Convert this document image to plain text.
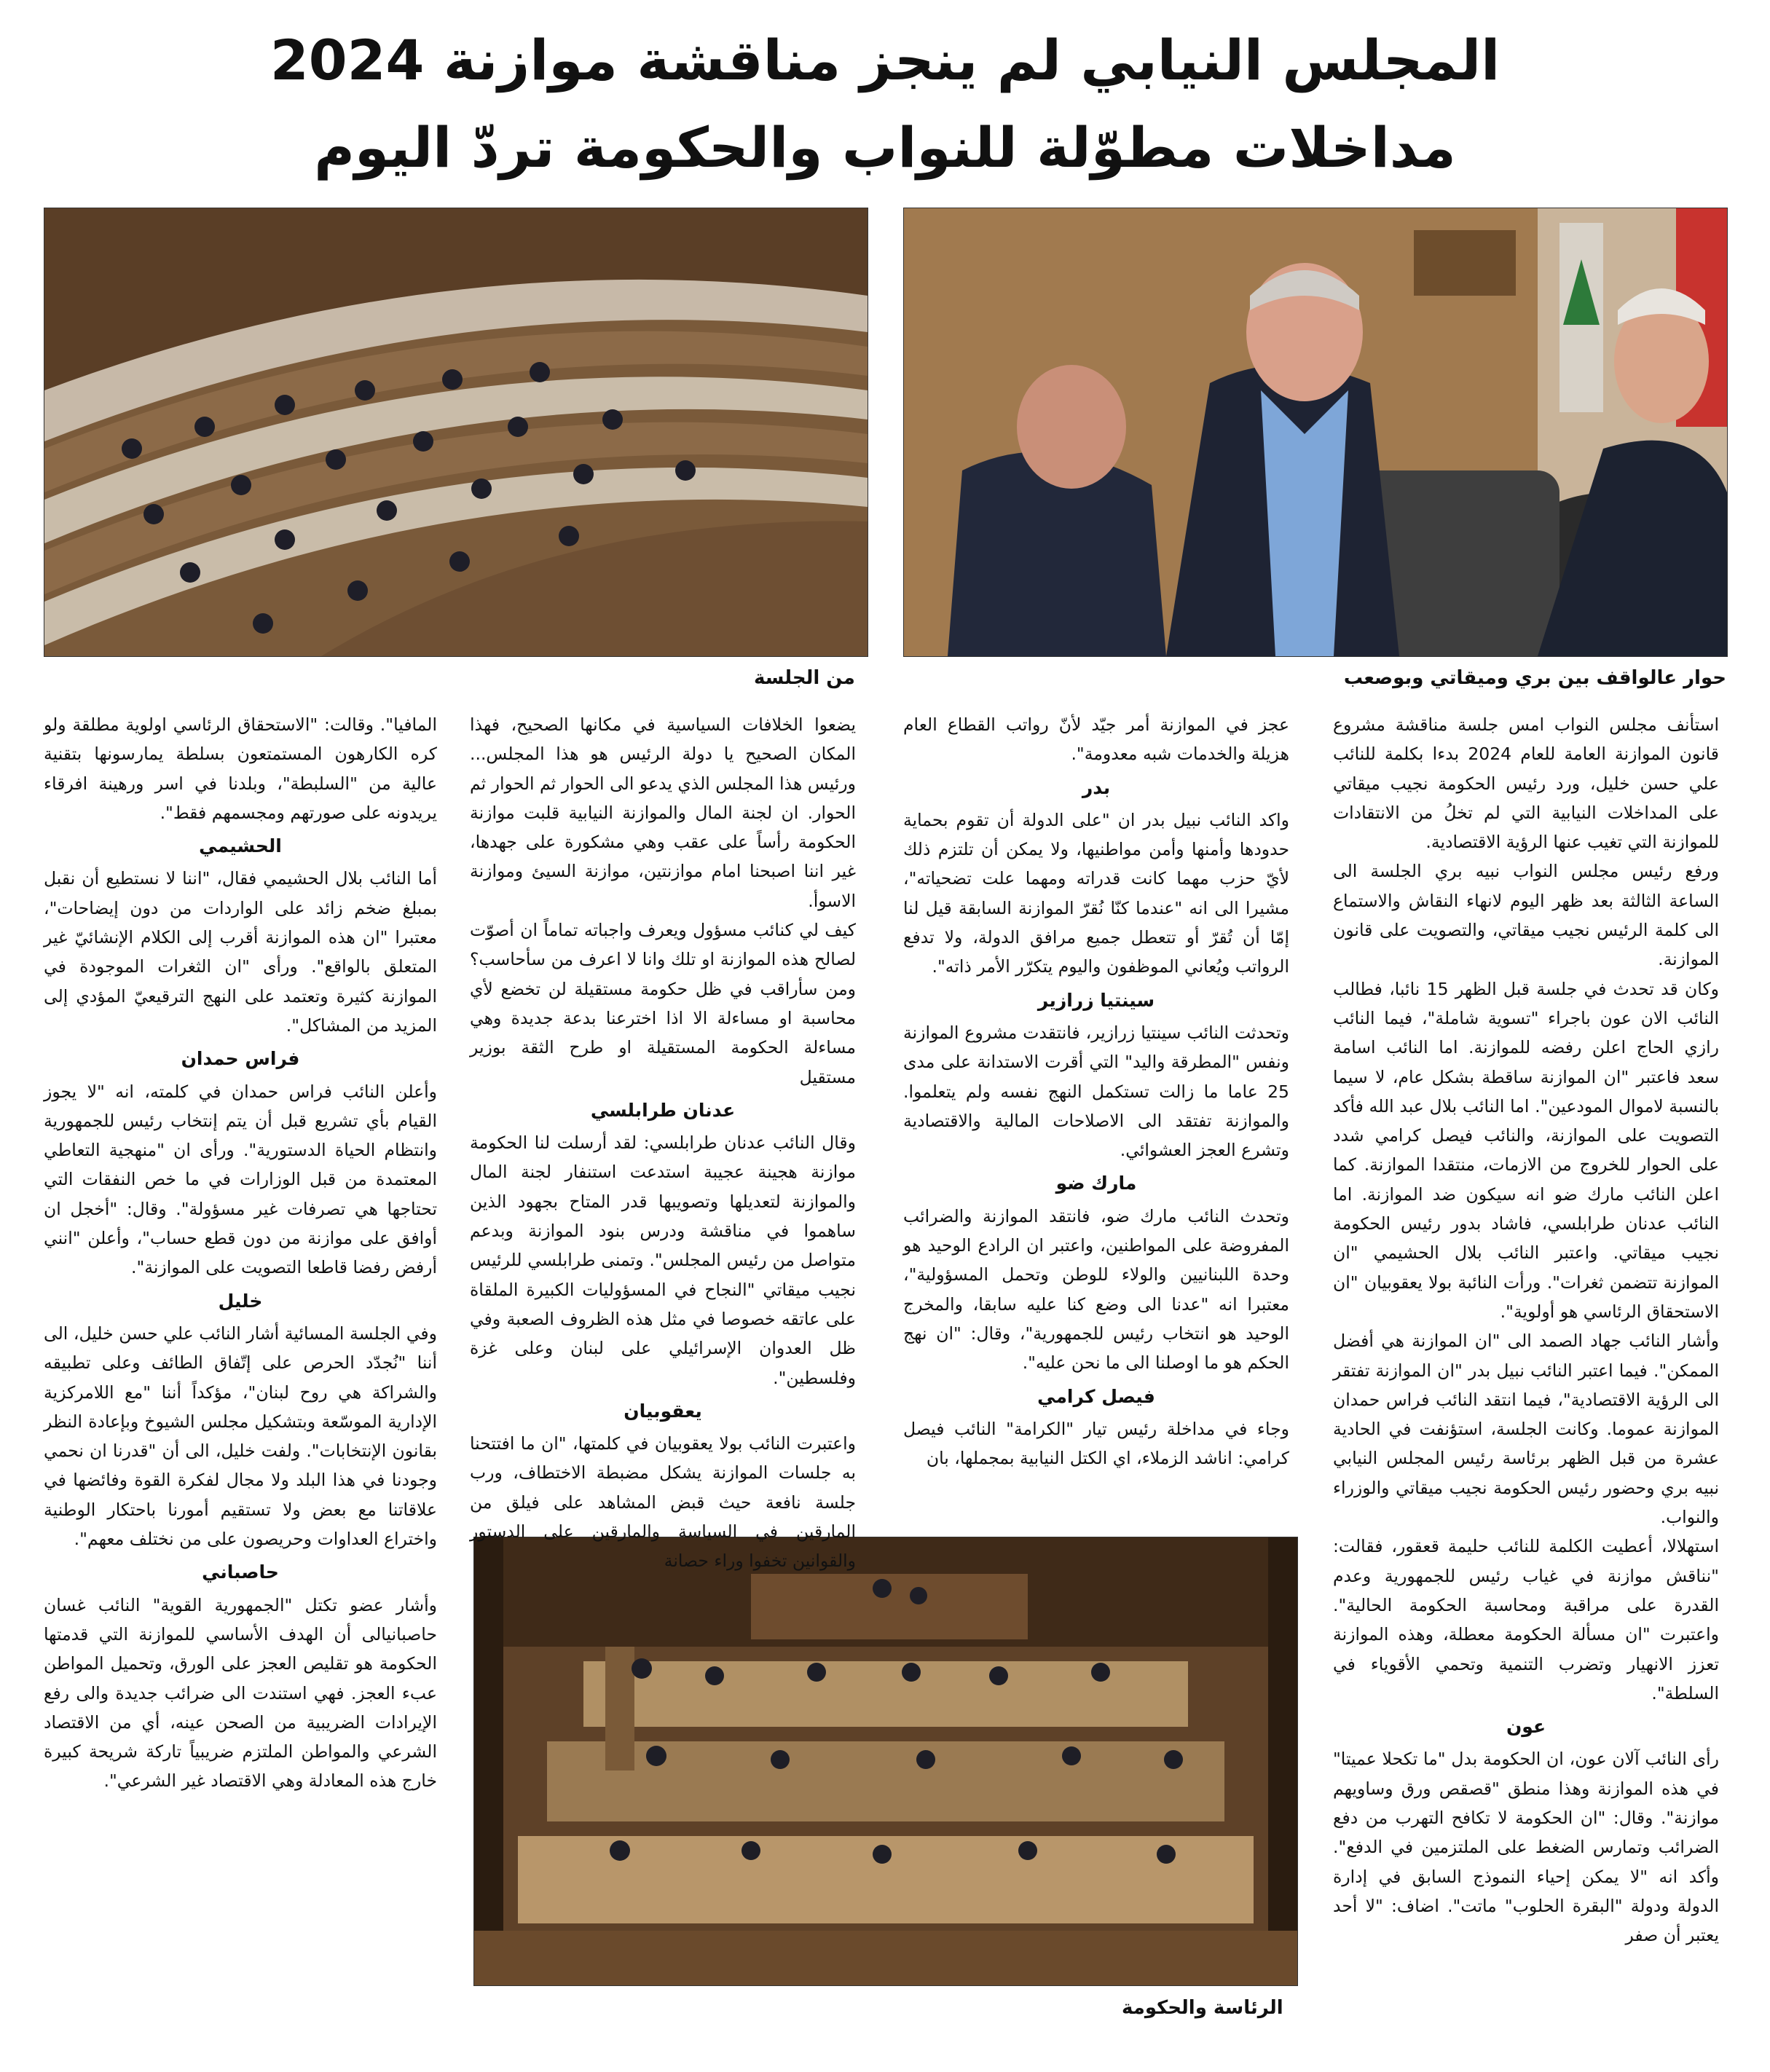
المجلس النيابي لم ينجز مناقشة موازنة 2024
مداخلات مطوّلة للنواب والحكومة تردّ اليوم
حوار عالواقف بين بري وميقاتي وبوصعب
من الجلسة
الرئاسة والحكومة

استأنف مجلس النواب امس جلسة مناقشة مشروع قانون الموازنة العامة للعام 2024 بدءا بكلمة للنائب علي حسن خليل، ورد رئيس الحكومة نجيب ميقاتي على المداخلات النيابية التي لم تخلُ من الانتقادات للموازنة التي تغيب عنها الرؤية الاقتصادية.

ورفع رئيس مجلس النواب نبيه بري الجلسة الى الساعة الثالثة بعد ظهر اليوم لانهاء النقاش والاستماع الى كلمة الرئيس نجيب ميقاتي، والتصويت على قانون الموازنة.

وكان قد تحدث في جلسة قبل الظهر 15 نائبا، فطالب النائب الان عون باجراء "تسوية شاملة"، فيما النائب رازي الحاج اعلن رفضه للموازنة. اما النائب اسامة سعد فاعتبر "ان الموازنة ساقطة بشكل عام، لا سيما بالنسبة لاموال المودعين". اما النائب بلال عبد الله فأكد التصويت على الموازنة، والنائب فيصل كرامي شدد على الحوار للخروج من الازمات، منتقدا الموازنة. كما اعلن النائب مارك ضو انه سيكون ضد الموازنة. اما النائب عدنان طرابلسي، فاشاد بدور رئيس الحكومة نجيب ميقاتي. واعتبر النائب بلال الحشيمي "ان الموازنة تتضمن ثغرات". ورأت النائبة بولا يعقوبيان "ان الاستحقاق الرئاسي هو أولوية".

وأشار النائب جهاد الصمد الى "ان الموازنة هي أفضل الممكن". فيما اعتبر النائب نبيل بدر "ان الموازنة تفتقر الى الرؤية الاقتصادية"، فيما انتقد النائب فراس حمدان الموازنة عموما. وكانت الجلسة، استؤنفت في الحادية عشرة من قبل الظهر برئاسة رئيس المجلس النيابي نبيه بري وحضور رئيس الحكومة نجيب ميقاتي والوزراء والنواب.

استهلالا، أعطيت الكلمة للنائب حليمة قعقور، فقالت: "نناقش موازنة في غياب رئيس للجمهورية وعدم القدرة على مراقبة ومحاسبة الحكومة الحالية". واعتبرت "ان مسألة الحكومة معطلة، وهذه الموازنة تعزز الانهيار وتضرب التنمية وتحمي الأقوياء في السلطة".

عون

رأى النائب آلان عون، ان الحكومة بدل "ما تكحلا عميتا" في هذه الموازنة وهذا منطق "قصقص ورق وساويهم موازنة". وقال: "ان الحكومة لا تكافح التهرب من دفع الضرائب وتمارس الضغط على الملتزمين في الدفع". وأكد انه "لا يمكن إحياء النموذج السابق في إدارة الدولة ودولة "البقرة الحلوب" ماتت". اضاف: "لا أحد يعتبر أن صفر

عجز في الموازنة أمر جيّد لأنّ رواتب القطاع العام هزيلة والخدمات شبه معدومة".

بدر

واكد النائب نبيل بدر ان "على الدولة أن تقوم بحماية حدودها وأمنها وأمن مواطنيها، ولا يمكن أن تلتزم ذلك لأيّ حزب مهما كانت قدراته ومهما علت تضحياته"، مشيرا الى انه "عندما كنّا نُقرّ الموازنة السابقة قيل لنا إمّا أن تُقرّ أو تتعطل جميع مرافق الدولة، ولا تدفع الرواتب ويُعاني الموظفون واليوم يتكرّر الأمر ذاته".

سينتيا زرازير

وتحدثت النائب سينتيا زرازير، فانتقدت مشروع الموازنة ونفس "المطرقة واليد" التي أقرت الاستدانة على مدى 25 عاما ما زالت تستكمل النهج نفسه ولم يتعلموا. والموازنة تفتقد الى الاصلاحات المالية والاقتصادية وتشرع العجز العشوائي.

مارك ضو

وتحدث النائب مارك ضو، فانتقد الموازنة والضرائب المفروضة على المواطنين، واعتبر ان الرادع الوحيد هو وحدة اللبنانيين والولاء للوطن وتحمل المسؤولية"، معتبرا انه "عدنا الى وضع كنا عليه سابقا، والمخرج الوحيد هو انتخاب رئيس للجمهورية"، وقال: "ان نهج الحكم هو ما اوصلنا الى ما نحن عليه".

فيصل كرامي

وجاء في مداخلة رئيس تيار "الكرامة" النائب فيصل كرامي: اناشد الزملاء، اي الكتل النيابية بمجملها، بان

يضعوا الخلافات السياسية في مكانها الصحيح، فهذا المكان الصحيح يا دولة الرئيس هو هذا المجلس... ورئيس هذا المجلس الذي يدعو الى الحوار ثم الحوار ثم الحوار. ان لجنة المال والموازنة النيابية قلبت موازنة الحكومة رأساً على عقب وهي مشكورة على جهدها، غير اننا اصبحنا امام موازنتين، موازنة السيئ وموازنة الاسوأ.

كيف لي كنائب مسؤول ويعرف واجباته تماماً ان أصوّت لصالح هذه الموازنة او تلك وانا لا اعرف من سأحاسب؟ ومن سأراقب في ظل حكومة مستقيلة لن تخضع لأي محاسبة او مساءلة الا اذا اخترعنا بدعة جديدة وهي مساءلة الحكومة المستقيلة او طرح الثقة بوزير مستقيل

عدنان طرابلسي

وقال النائب عدنان طرابلسي: لقد أرسلت لنا الحكومة موازنة هجينة عجيبة استدعت استنفار لجنة المال والموازنة لتعديلها وتصويبها قدر المتاح بجهود الذين ساهموا في مناقشة ودرس بنود الموازنة وبدعم متواصل من رئيس المجلس". وتمنى طرابلسي للرئيس نجيب ميقاتي "النجاح في المسؤوليات الكبيرة الملقاة على عاتقه خصوصا في مثل هذه الظروف الصعبة وفي ظل العدوان الإسرائيلي على لبنان وعلى غزة وفلسطين".

يعقوبيان

واعتبرت النائب بولا يعقوبيان في كلمتها، "ان ما افتتحنا به جلسات الموازنة يشكل مضبطة الاختطاف، ورب جلسة نافعة حيث قبض المشاهد على فيلق من المارقين في السياسة والمارقين على الدستور والقوانين تخفوا وراء حصانة

المافيا". وقالت: "الاستحقاق الرئاسي اولوية مطلقة ولو كره الكارهون المستمتعون بسلطة يمارسونها بتقنية عالية من "السلبطة"، وبلدنا في اسر ورهينة افرقاء يريدونه على صورتهم ومجسمهم فقط".

الحشيمي

أما النائب بلال الحشيمي فقال، "اننا لا نستطيع أن نقبل بمبلغ ضخم زائد على الواردات من دون إيضاحات"، معتبرا "ان هذه الموازنة أقرب إلى الكلام الإنشائيّ غير المتعلق بالواقع". ورأى "ان الثغرات الموجودة في الموازنة كثيرة وتعتمد على النهج الترقيعيّ المؤدي إلى المزيد من المشاكل".

فراس حمدان

وأعلن النائب فراس حمدان في كلمته، انه "لا يجوز القيام بأي تشريع قبل أن يتم إنتخاب رئيس للجمهورية وانتظام الحياة الدستورية". ورأى ان "منهجية التعاطي المعتمدة من قبل الوزارات في ما خص النفقات التي تحتاجها هي تصرفات غير مسؤولة". وقال: "أخجل ان أوافق على موازنة من دون قطع حساب"، وأعلن "انني أرفض رفضا قاطعا التصويت على الموازنة".

خليل

وفي الجلسة المسائية أشار النائب علي حسن خليل، الى أننا "نُجدّد الحرص على إتّفاق الطائف وعلى تطبيقه والشراكة هي روح لبنان"، مؤكداً أننا "مع اللامركزية الإدارية الموسّعة وبتشكيل مجلس الشيوخ وبإعادة النظر بقانون الإنتخابات". ولفت خليل، الى أن "قدرنا ان نحمي وجودنا في هذا البلد ولا مجال لفكرة القوة وفائضها في علاقاتنا مع بعض ولا تستقيم أمورنا باحتكار الوطنية واختراع العداوات وحريصون على من نختلف معهم".

حاصباني

وأشار عضو تكتل "الجمهورية القوية" النائب غسان حاصبانيالى أن الهدف الأساسي للموازنة التي قدمتها الحكومة هو تقليص العجز على الورق، وتحميل المواطن عبء العجز. فهي استندت الى ضرائب جديدة والى رفع الإيرادات الضريبية من الصحن عينه، أي من الاقتصاد الشرعي والمواطن الملتزم ضريبياً تاركة شريحة كبيرة خارج هذه المعادلة وهي الاقتصاد غير الشرعي".
